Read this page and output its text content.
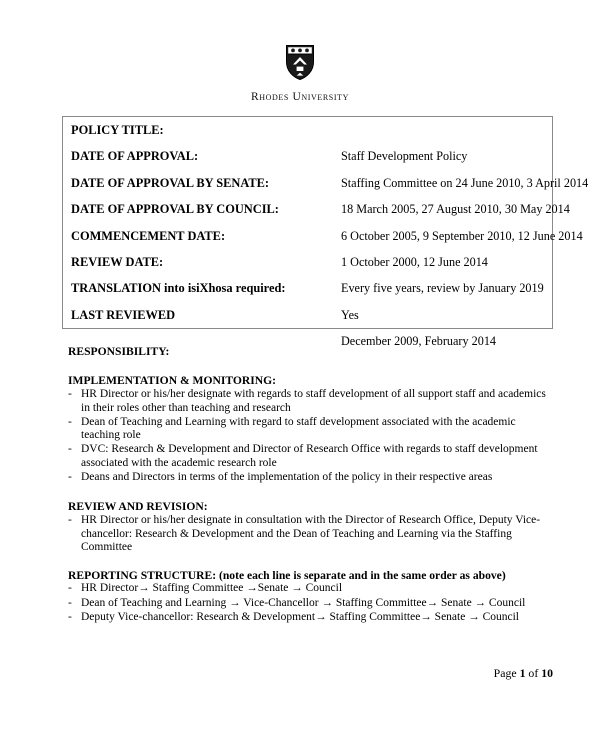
Rhodes University
POLICY TITLE:
Staff Development Policy

DATE OF APPROVAL:
Staffing Committee on 24 June 2010, 3 April 2014

DATE OF APPROVAL BY SENATE:
18 March 2005, 27 August 2010, 30 May 2014

DATE OF APPROVAL BY COUNCIL:
6 October 2005, 9 September 2010, 12 June 2014

COMMENCEMENT DATE:
1 October 2000, 12 June 2014

REVIEW DATE:
Every five years, review by January 2019

TRANSLATION into isiXhosa required:
Yes

LAST REVIEWED
December 2009, February 2014
RESPONSIBILITY:
IMPLEMENTATION & MONITORING:
- HR Director or his/her designate with regards to staff development of all support staff and academics in their roles other than teaching and research
- Dean of Teaching and Learning with regard to staff development associated with the academic teaching role
- DVC: Research & Development and Director of Research Office with regards to staff development associated with the academic research role
- Deans and Directors in terms of the implementation of the policy in their respective areas
REVIEW AND REVISION:
- HR Director or his/her designate in consultation with the Director of Research Office, Deputy Vice-chancellor: Research & Development and the Dean of Teaching and Learning via the Staffing Committee
REPORTING STRUCTURE: (note each line is separate and in the same order as above)
- HR Director→ Staffing Committee →Senate → Council
- Dean of Teaching and Learning → Vice-Chancellor → Staffing Committee→ Senate → Council
- Deputy Vice-chancellor: Research & Development→ Staffing Committee→ Senate → Council
Page 1 of 10
